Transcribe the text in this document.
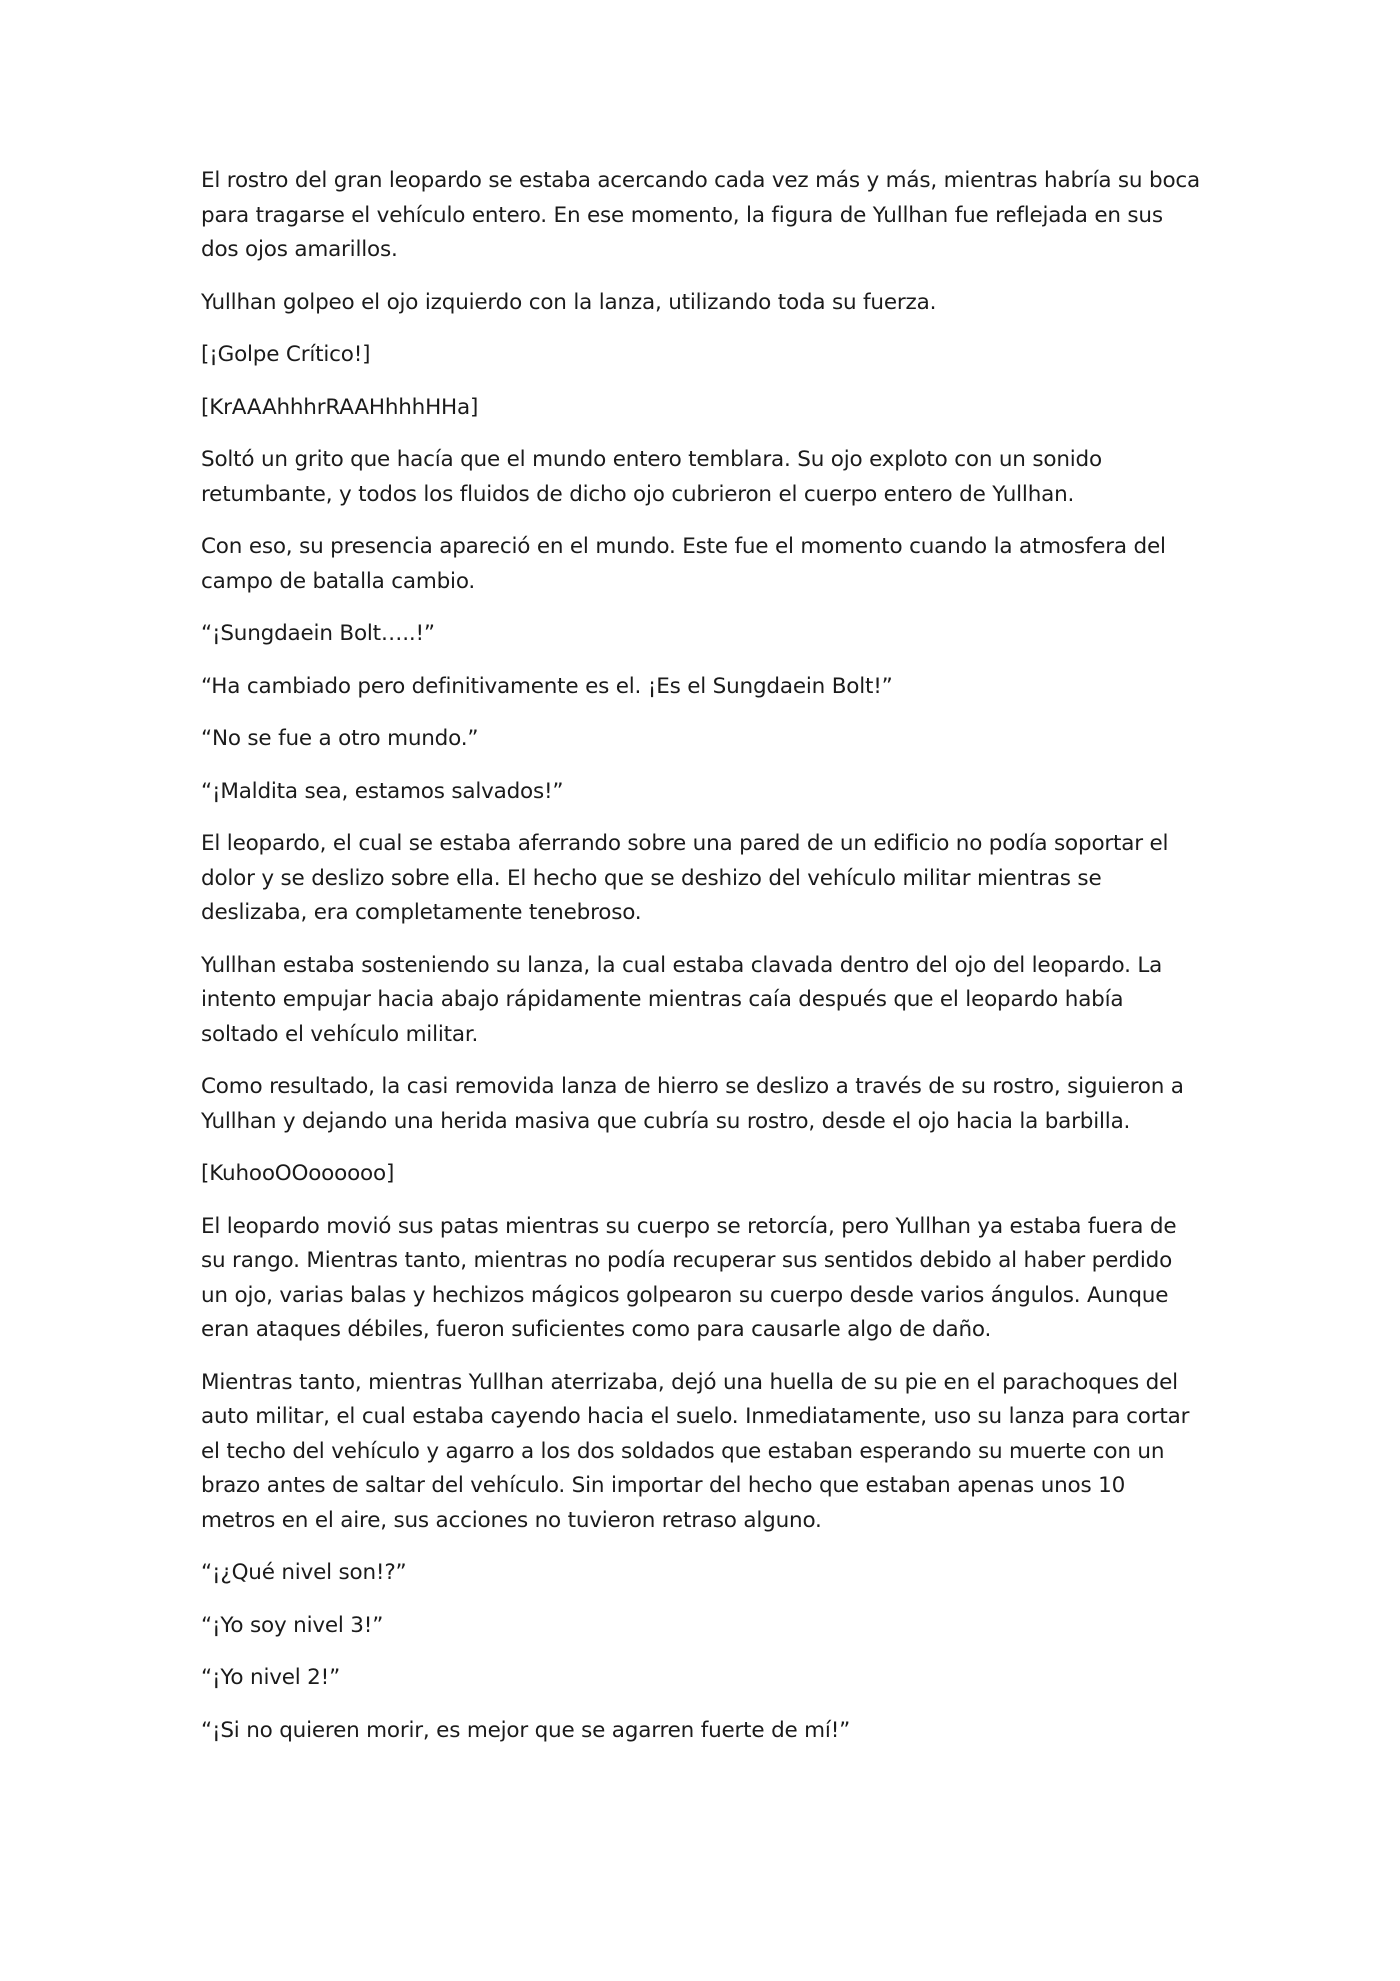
El rostro del gran leopardo se estaba acercando cada vez más y más, mientras habría su boca para tragarse el vehículo entero. En ese momento, la figura de Yullhan fue reflejada en sus dos ojos amarillos.

Yullhan golpeo el ojo izquierdo con la lanza, utilizando toda su fuerza.

[¡Golpe Crítico!]

[KrAAAhhhrRAAHhhhHHa]

Soltó un grito que hacía que el mundo entero temblara. Su ojo exploto con un sonido retumbante, y todos los fluidos de dicho ojo cubrieron el cuerpo entero de Yullhan.

Con eso, su presencia apareció en el mundo. Este fue el momento cuando la atmosfera del campo de batalla cambio.

“¡Sungdaein Bolt…..!”

“Ha cambiado pero definitivamente es el. ¡Es el Sungdaein Bolt!”

“No se fue a otro mundo.”

“¡Maldita sea, estamos salvados!”

El leopardo, el cual se estaba aferrando sobre una pared de un edificio no podía soportar el dolor y se deslizo sobre ella. El hecho que se deshizo del vehículo militar mientras se deslizaba, era completamente tenebroso.

Yullhan estaba sosteniendo su lanza, la cual estaba clavada dentro del ojo del leopardo. La intento empujar hacia abajo rápidamente mientras caía después que el leopardo había soltado el vehículo militar.

Como resultado, la casi removida lanza de hierro se deslizo a través de su rostro, siguieron a Yullhan y dejando una herida masiva que cubría su rostro, desde el ojo hacia la barbilla.

[KuhooOOoooooo]

El leopardo movió sus patas mientras su cuerpo se retorcía, pero Yullhan ya estaba fuera de su rango. Mientras tanto, mientras no podía recuperar sus sentidos debido al haber perdido un ojo, varias balas y hechizos mágicos golpearon su cuerpo desde varios ángulos. Aunque eran ataques débiles, fueron suficientes como para causarle algo de daño.

Mientras tanto, mientras Yullhan aterrizaba, dejó una huella de su pie en el parachoques del auto militar, el cual estaba cayendo hacia el suelo. Inmediatamente, uso su lanza para cortar el techo del vehículo y agarro a los dos soldados que estaban esperando su muerte con un brazo antes de saltar del vehículo. Sin importar del hecho que estaban apenas unos 10 metros en el aire, sus acciones no tuvieron retraso alguno.

“¡¿Qué nivel son!?”

“¡Yo soy nivel 3!”

“¡Yo nivel 2!”

“¡Si no quieren morir, es mejor que se agarren fuerte de mí!”
